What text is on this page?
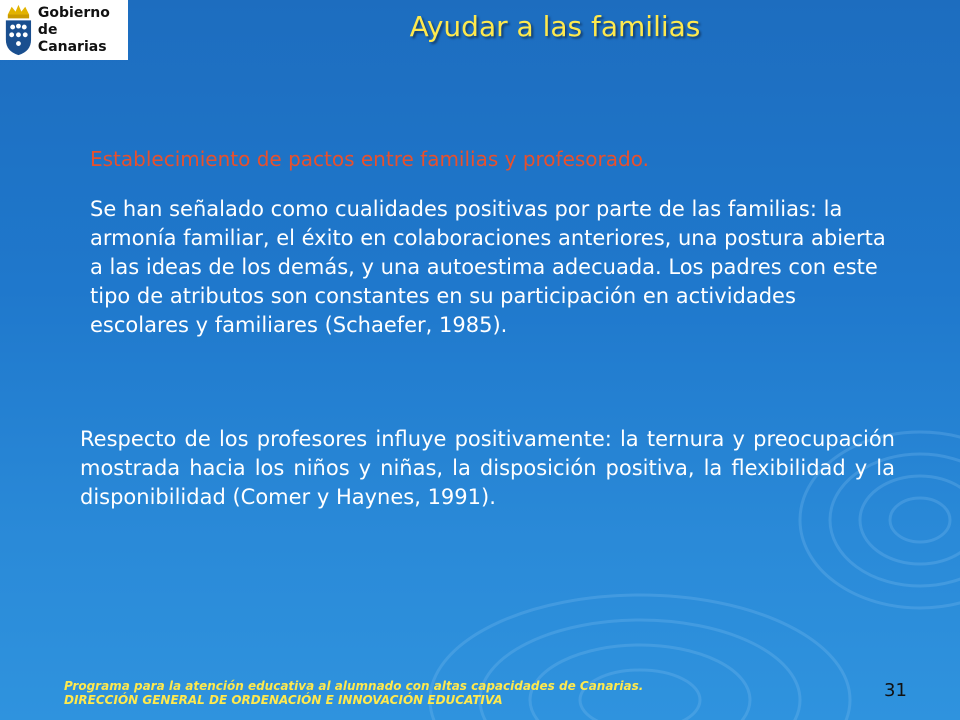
Gobierno
de Canarias
Ayudar a las familias

Establecimiento de pactos entre familias y profesorado.

Se han señalado como cualidades positivas por parte de las familias: la armonía familiar, el éxito en colaboraciones anteriores, una postura abierta a las ideas de los demás, y una autoestima adecuada. Los padres con este tipo de atributos son constantes en su participación en actividades escolares y familiares (Schaefer, 1985).

Respecto de los profesores influye positivamente: la ternura y preocupación mostrada hacia los niños y niñas, la disposición positiva, la flexibilidad y la disponibilidad (Comer y Haynes, 1991).

Programa para la atención educativa al alumnado con altas capacidades de Canarias.
DIRECCIÓN GENERAL DE ORDENACIÓN E INNOVACIÓN EDUCATIVA	31
